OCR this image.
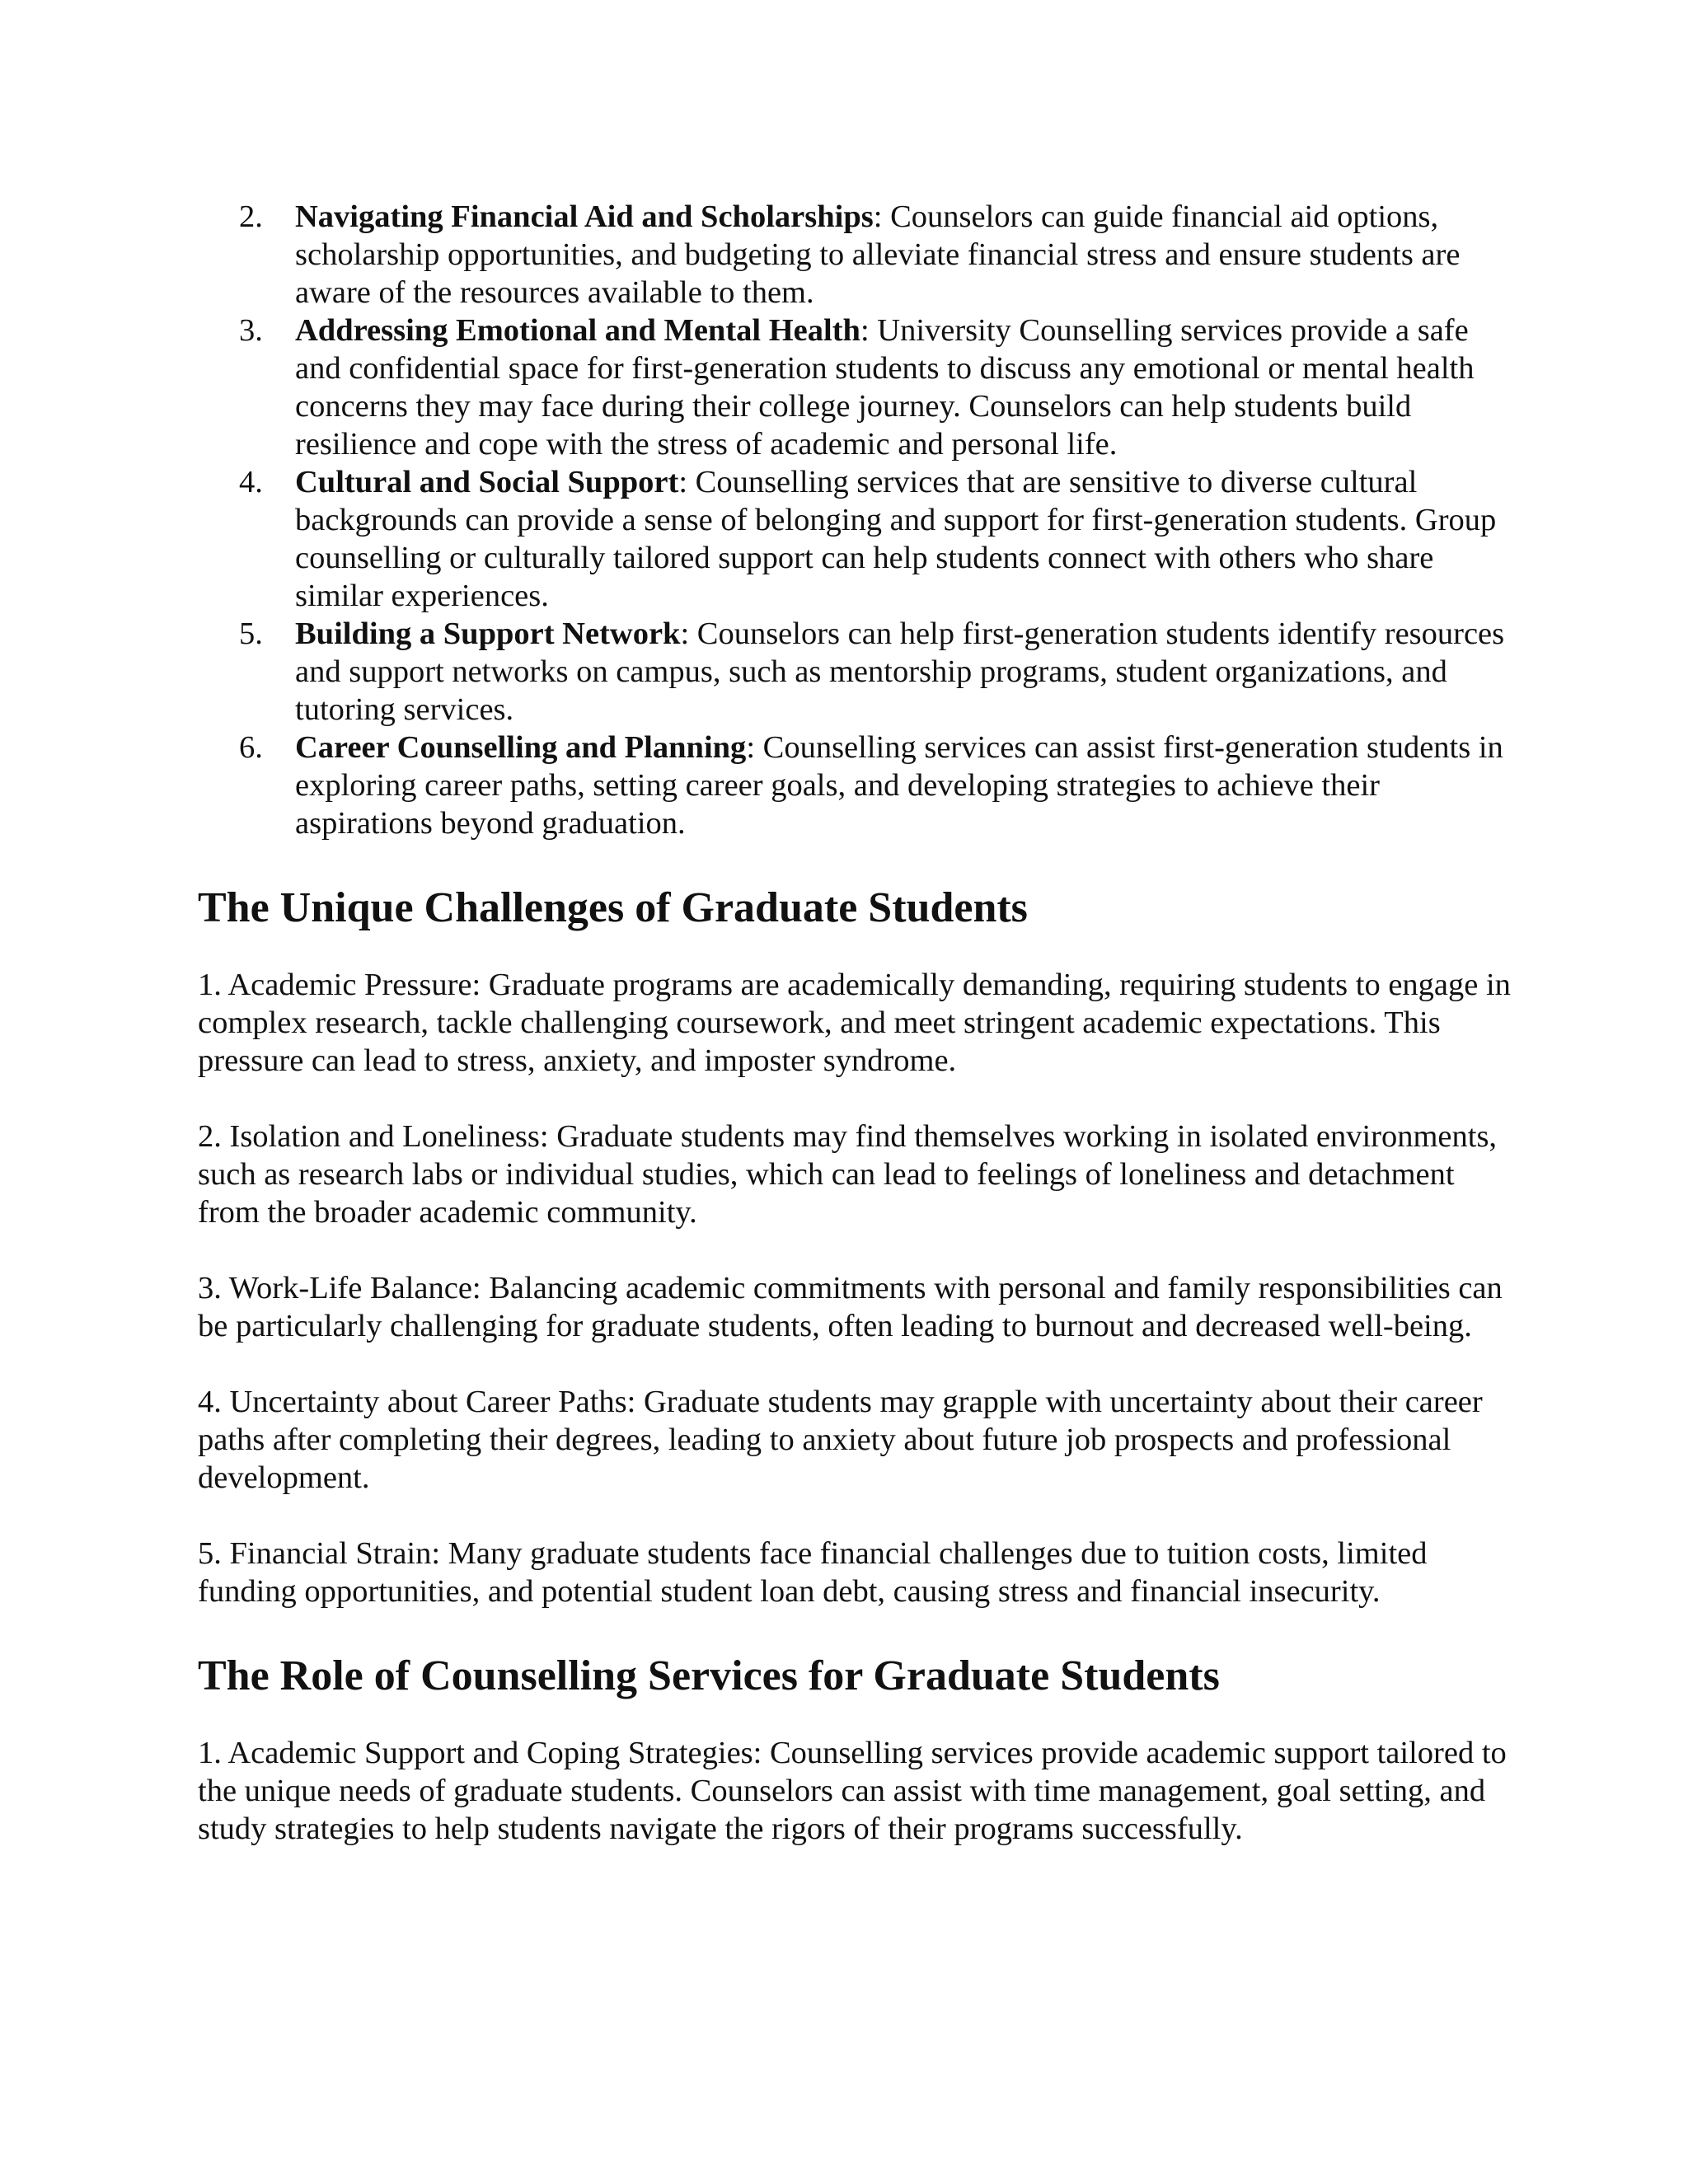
2. Navigating Financial Aid and Scholarships: Counselors can guide financial aid options, scholarship opportunities, and budgeting to alleviate financial stress and ensure students are aware of the resources available to them.
3. Addressing Emotional and Mental Health: University Counselling services provide a safe and confidential space for first-generation students to discuss any emotional or mental health concerns they may face during their college journey. Counselors can help students build resilience and cope with the stress of academic and personal life.
4. Cultural and Social Support: Counselling services that are sensitive to diverse cultural backgrounds can provide a sense of belonging and support for first-generation students. Group counselling or culturally tailored support can help students connect with others who share similar experiences.
5. Building a Support Network: Counselors can help first-generation students identify resources and support networks on campus, such as mentorship programs, student organizations, and tutoring services.
6. Career Counselling and Planning: Counselling services can assist first-generation students in exploring career paths, setting career goals, and developing strategies to achieve their aspirations beyond graduation.
The Unique Challenges of Graduate Students

1. Academic Pressure: Graduate programs are academically demanding, requiring students to engage in complex research, tackle challenging coursework, and meet stringent academic expectations. This pressure can lead to stress, anxiety, and imposter syndrome.

2. Isolation and Loneliness: Graduate students may find themselves working in isolated environments, such as research labs or individual studies, which can lead to feelings of loneliness and detachment from the broader academic community.

3. Work-Life Balance: Balancing academic commitments with personal and family responsibilities can be particularly challenging for graduate students, often leading to burnout and decreased well-being.

4. Uncertainty about Career Paths: Graduate students may grapple with uncertainty about their career paths after completing their degrees, leading to anxiety about future job prospects and professional development.

5. Financial Strain: Many graduate students face financial challenges due to tuition costs, limited funding opportunities, and potential student loan debt, causing stress and financial insecurity.

The Role of Counselling Services for Graduate Students

1. Academic Support and Coping Strategies: Counselling services provide academic support tailored to the unique needs of graduate students. Counselors can assist with time management, goal setting, and study strategies to help students navigate the rigors of their programs successfully.
